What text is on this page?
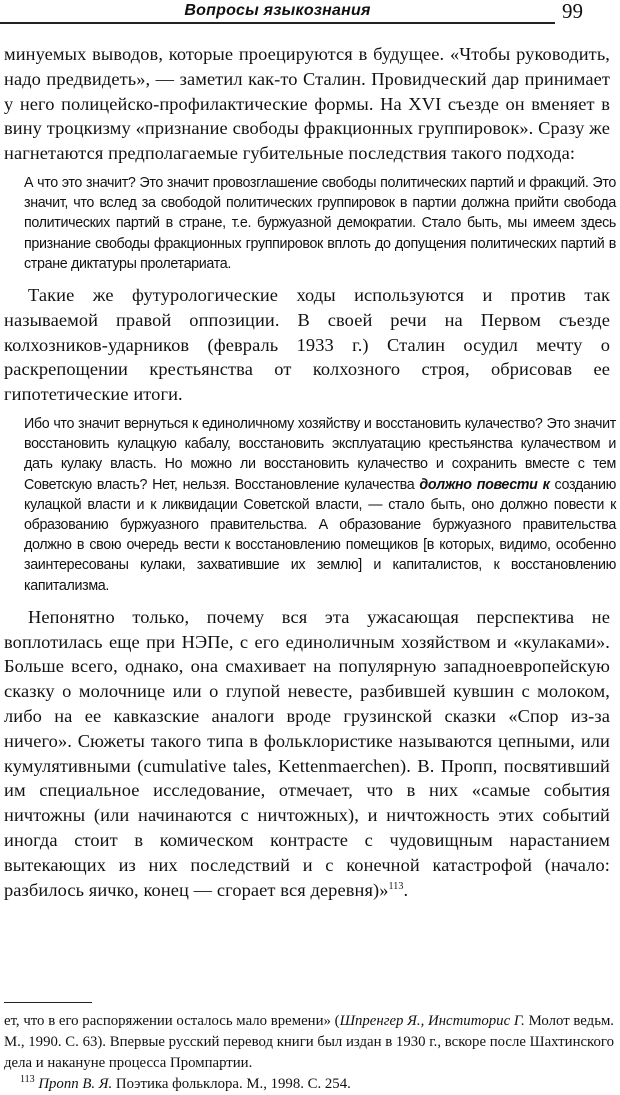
Вопросы языкознания	99

минуемых выводов, которые проецируются в будущее. «Чтобы руководить, надо предвидеть», — заметил как-то Сталин. Провидческий дар принимает у него полицейско-профилактические формы. На XVI съезде он вменяет в вину троцкизму «признание свободы фракционных группировок». Сразу же нагнетаются предполагаемые губительные последствия такого подхода:

А что это значит? Это значит провозглашение свободы политических партий и фракций. Это значит, что вслед за свободой политических группировок в партии должна прийти свобода политических партий в стране, т.е. буржуазной демократии. Стало быть, мы имеем здесь признание свободы фракционных группировок вплоть до допущения политических партий в стране диктатуры пролетариата.

Такие же футурологические ходы используются и против так называемой правой оппозиции. В своей речи на Первом съезде колхозников-ударников (февраль 1933 г.) Сталин осудил мечту о раскрепощении крестьянства от колхозного строя, обрисовав ее гипотетические итоги.

Ибо что значит вернуться к единоличному хозяйству и восстановить кулачество? Это значит восстановить кулацкую кабалу, восстановить эксплуатацию крестьянства кулачеством и дать кулаку власть. Но можно ли восстановить кулачество и сохранить вместе с тем Советскую власть? Нет, нельзя. Восстановление кулачества должно повести к созданию кулацкой власти и к ликвидации Советской власти, — стало быть, оно должно повести к образованию буржуазного правительства. А образование буржуазного правительства должно в свою очередь вести к восстановлению помещиков [в которых, видимо, особенно заинтересованы кулаки, захватившие их землю] и капиталистов, к восстановлению капитализма.

Непонятно только, почему вся эта ужасающая перспектива не воплотилась еще при НЭПе, с его единоличным хозяйством и «кулаками». Больше всего, однако, она смахивает на популярную западноевропейскую сказку о молочнице или о глупой невесте, разбившей кувшин с молоком, либо на ее кавказские аналоги вроде грузинской сказки «Спор из-за ничего». Сюжеты такого типа в фольклористике называются цепными, или кумулятивными (cumulative tales, Kettenmaerchen). В. Пропп, посвятивший им специальное исследование, отмечает, что в них «самые события ничтожны (или начинаются с ничтожных), и ничтожность этих событий иногда стоит в комическом контрасте с чудовищным нарастанием вытекающих из них последствий и с конечной катастрофой (начало: разбилось яичко, конец — сгорает вся деревня)»$^{113}$.

ет, что в его распоряжении осталось мало времени» (Шпренгер Я., Инститорис Г. Молот ведьм. М., 1990. С. 63). Впервые русский перевод книги был издан в 1930 г., вскоре после Шахтинского дела и накануне процесса Промпартии.

$^{113}$ Пропп В. Я. Поэтика фольклора. М., 1998. С. 254.
